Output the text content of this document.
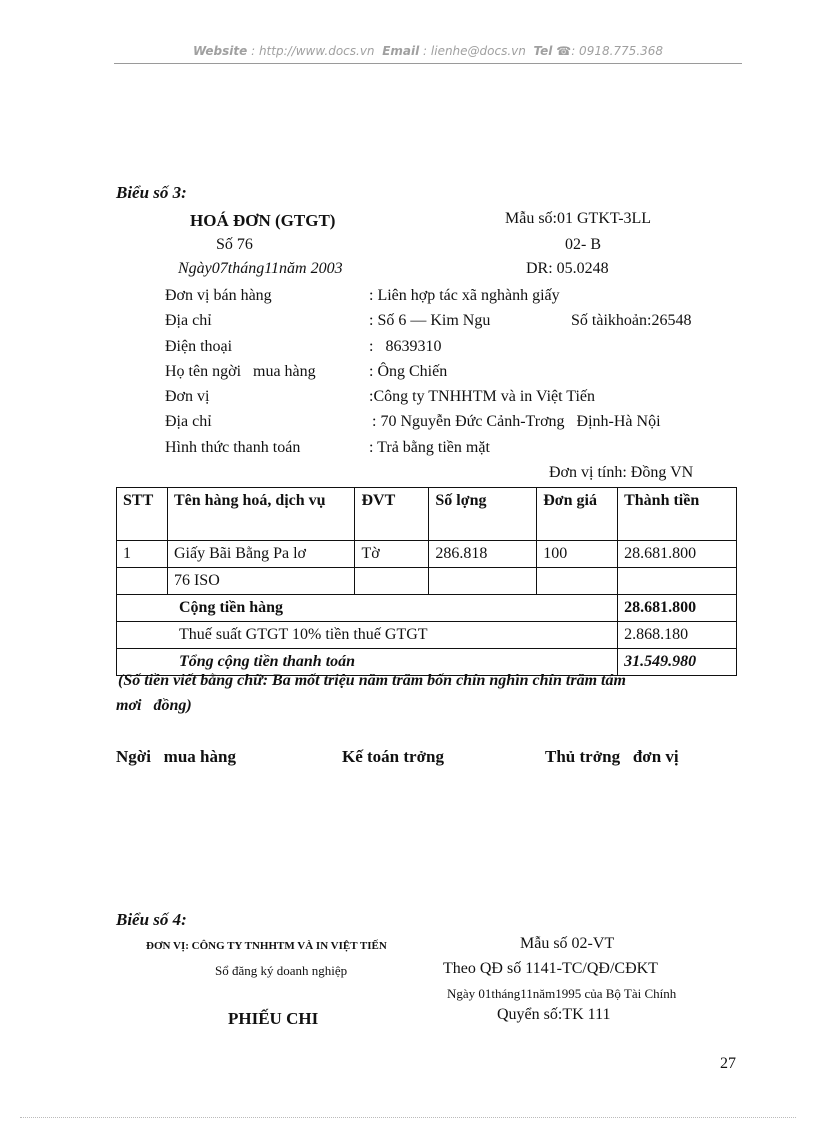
Website : http://www.docs.vn Email : lienhe@docs.vn Tel ☎: 0918.775.368
Biểu số 3:
HOÁ ĐƠN (GTGT)
Số 76
Ngày07tháng11năm 2003
Mẫu số:01 GTKT-3LL
02- B
DR: 05.0248
Đơn vị bán hàng	: Liên hợp tác xã nghành giấy
Địa chỉ	: Số 6 — Kim Ngu	Số tàikhoản:26548
Điện thoại	:   8639310
Họ tên ngời   mua hàng	: Ông Chiến
Đơn vị	:Công ty TNHHTM và in Việt Tiến
Địa chỉ	: 70 Nguyễn Đức Cảnh-Trơng   Định-Hà Nội
Hình thức thanh toán	: Trả bằng tiền mặt
Đơn vị tính: Đồng VN
STT	Tên hàng hoá, dịch vụ	ĐVT	Số lợng	Đơn giá	Thành tiền
1	Giấy Bãi Bằng Pa lơ	Tờ	286.818	100	28.681.800
	76 ISO				
Cộng tiền hàng					28.681.800
Thuế suất GTGT 10% tiền thuế GTGT					2.868.180
Tổng cộng tiền thanh toán					31.549.980
(Số tiền viết bằng chữ: Ba mốt triệu năm trăm bốn chín nghìn chín trăm tám
mơi   đồng)
Ngời   mua hàng	Kế toán trởng	Thủ trởng   đơn vị
Biểu số 4:
ĐƠN VỊ: CÔNG TY TNHHTM VÀ IN VIỆT TIẾN
Sổ đăng ký doanh nghiệp
PHIẾU CHI
Mẫu số 02-VT
Theo QĐ số 1141-TC/QĐ/CĐKT
Ngày 01tháng11năm1995 của Bộ Tài Chính
Quyển số:TK 111
27
